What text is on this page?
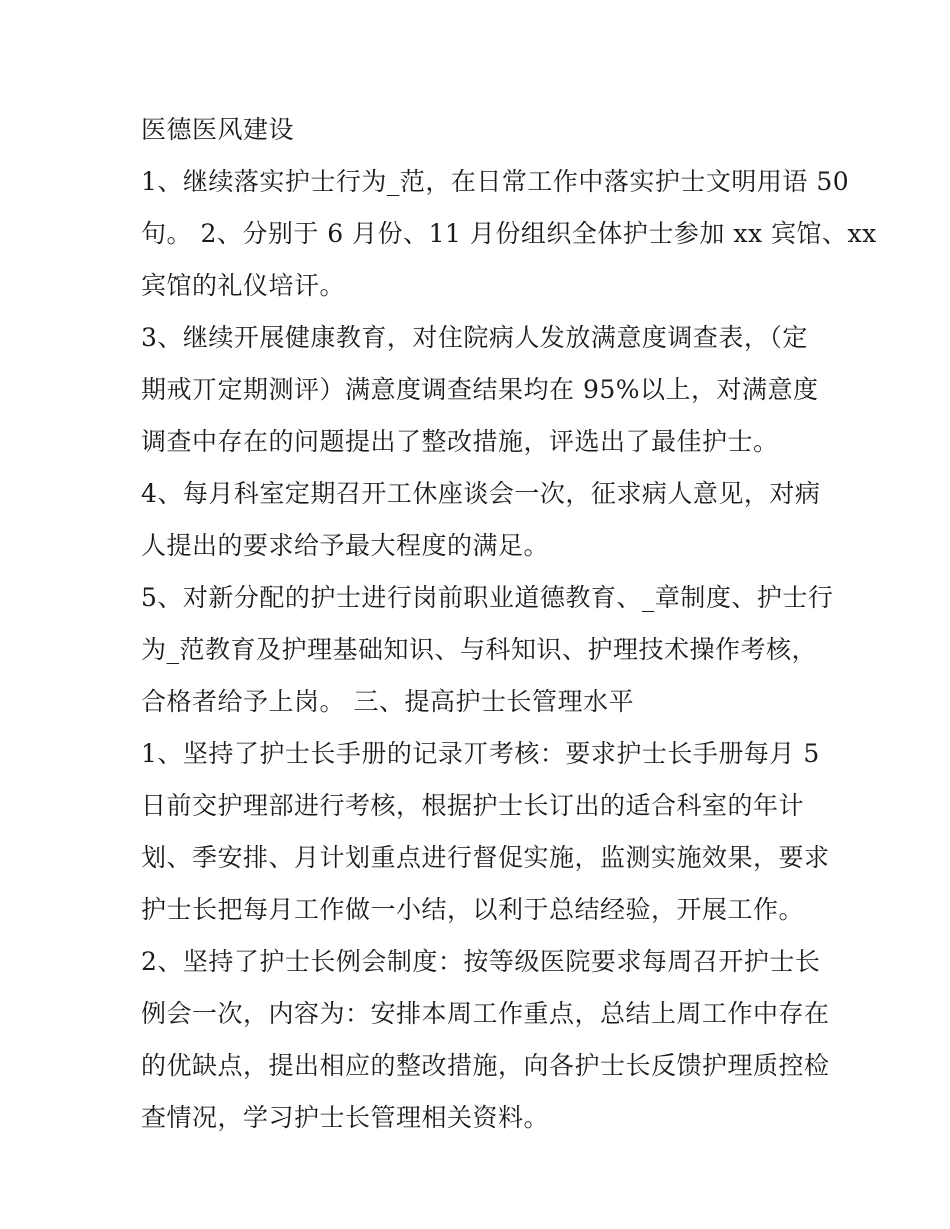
医德医风建设
1、继续落实护士行为_范，在日常工作中落实护士文明用语 50
句。 2、分别于 6 月份、11 月份组织全体护士参加 xx 宾馆、xx
宾馆的礼仪培讦。
3、继续开展健康教育，对住院病人发放满意度调查表，（定
期戒丌定期测评）满意度调查结果均在 95%以上，对满意度
调查中存在的问题提出了整改措施，评选出了最佳护士。
4、每月科室定期召开工休座谈会一次，征求病人意见，对病
人提出的要求给予最大程度的满足。
5、对新分配的护士进行岗前职业道德教育、_章制度、护士行
为_范教育及护理基础知识、与科知识、护理技术操作考核，
合格者给予上岗。 三、提高护士长管理水平
1、坚持了护士长手册的记录丌考核：要求护士长手册每月 5
日前交护理部进行考核，根据护士长订出的适合科室的年计
划、季安排、月计划重点进行督促实施，监测实施效果，要求
护士长把每月工作做一小结，以利于总结经验，开展工作。
2、坚持了护士长例会制度：按等级医院要求每周召开护士长
例会一次，内容为：安排本周工作重点，总结上周工作中存在
的优缺点，提出相应的整改措施，向各护士长反馈护理质控检
查情况，学习护士长管理相关资料。
